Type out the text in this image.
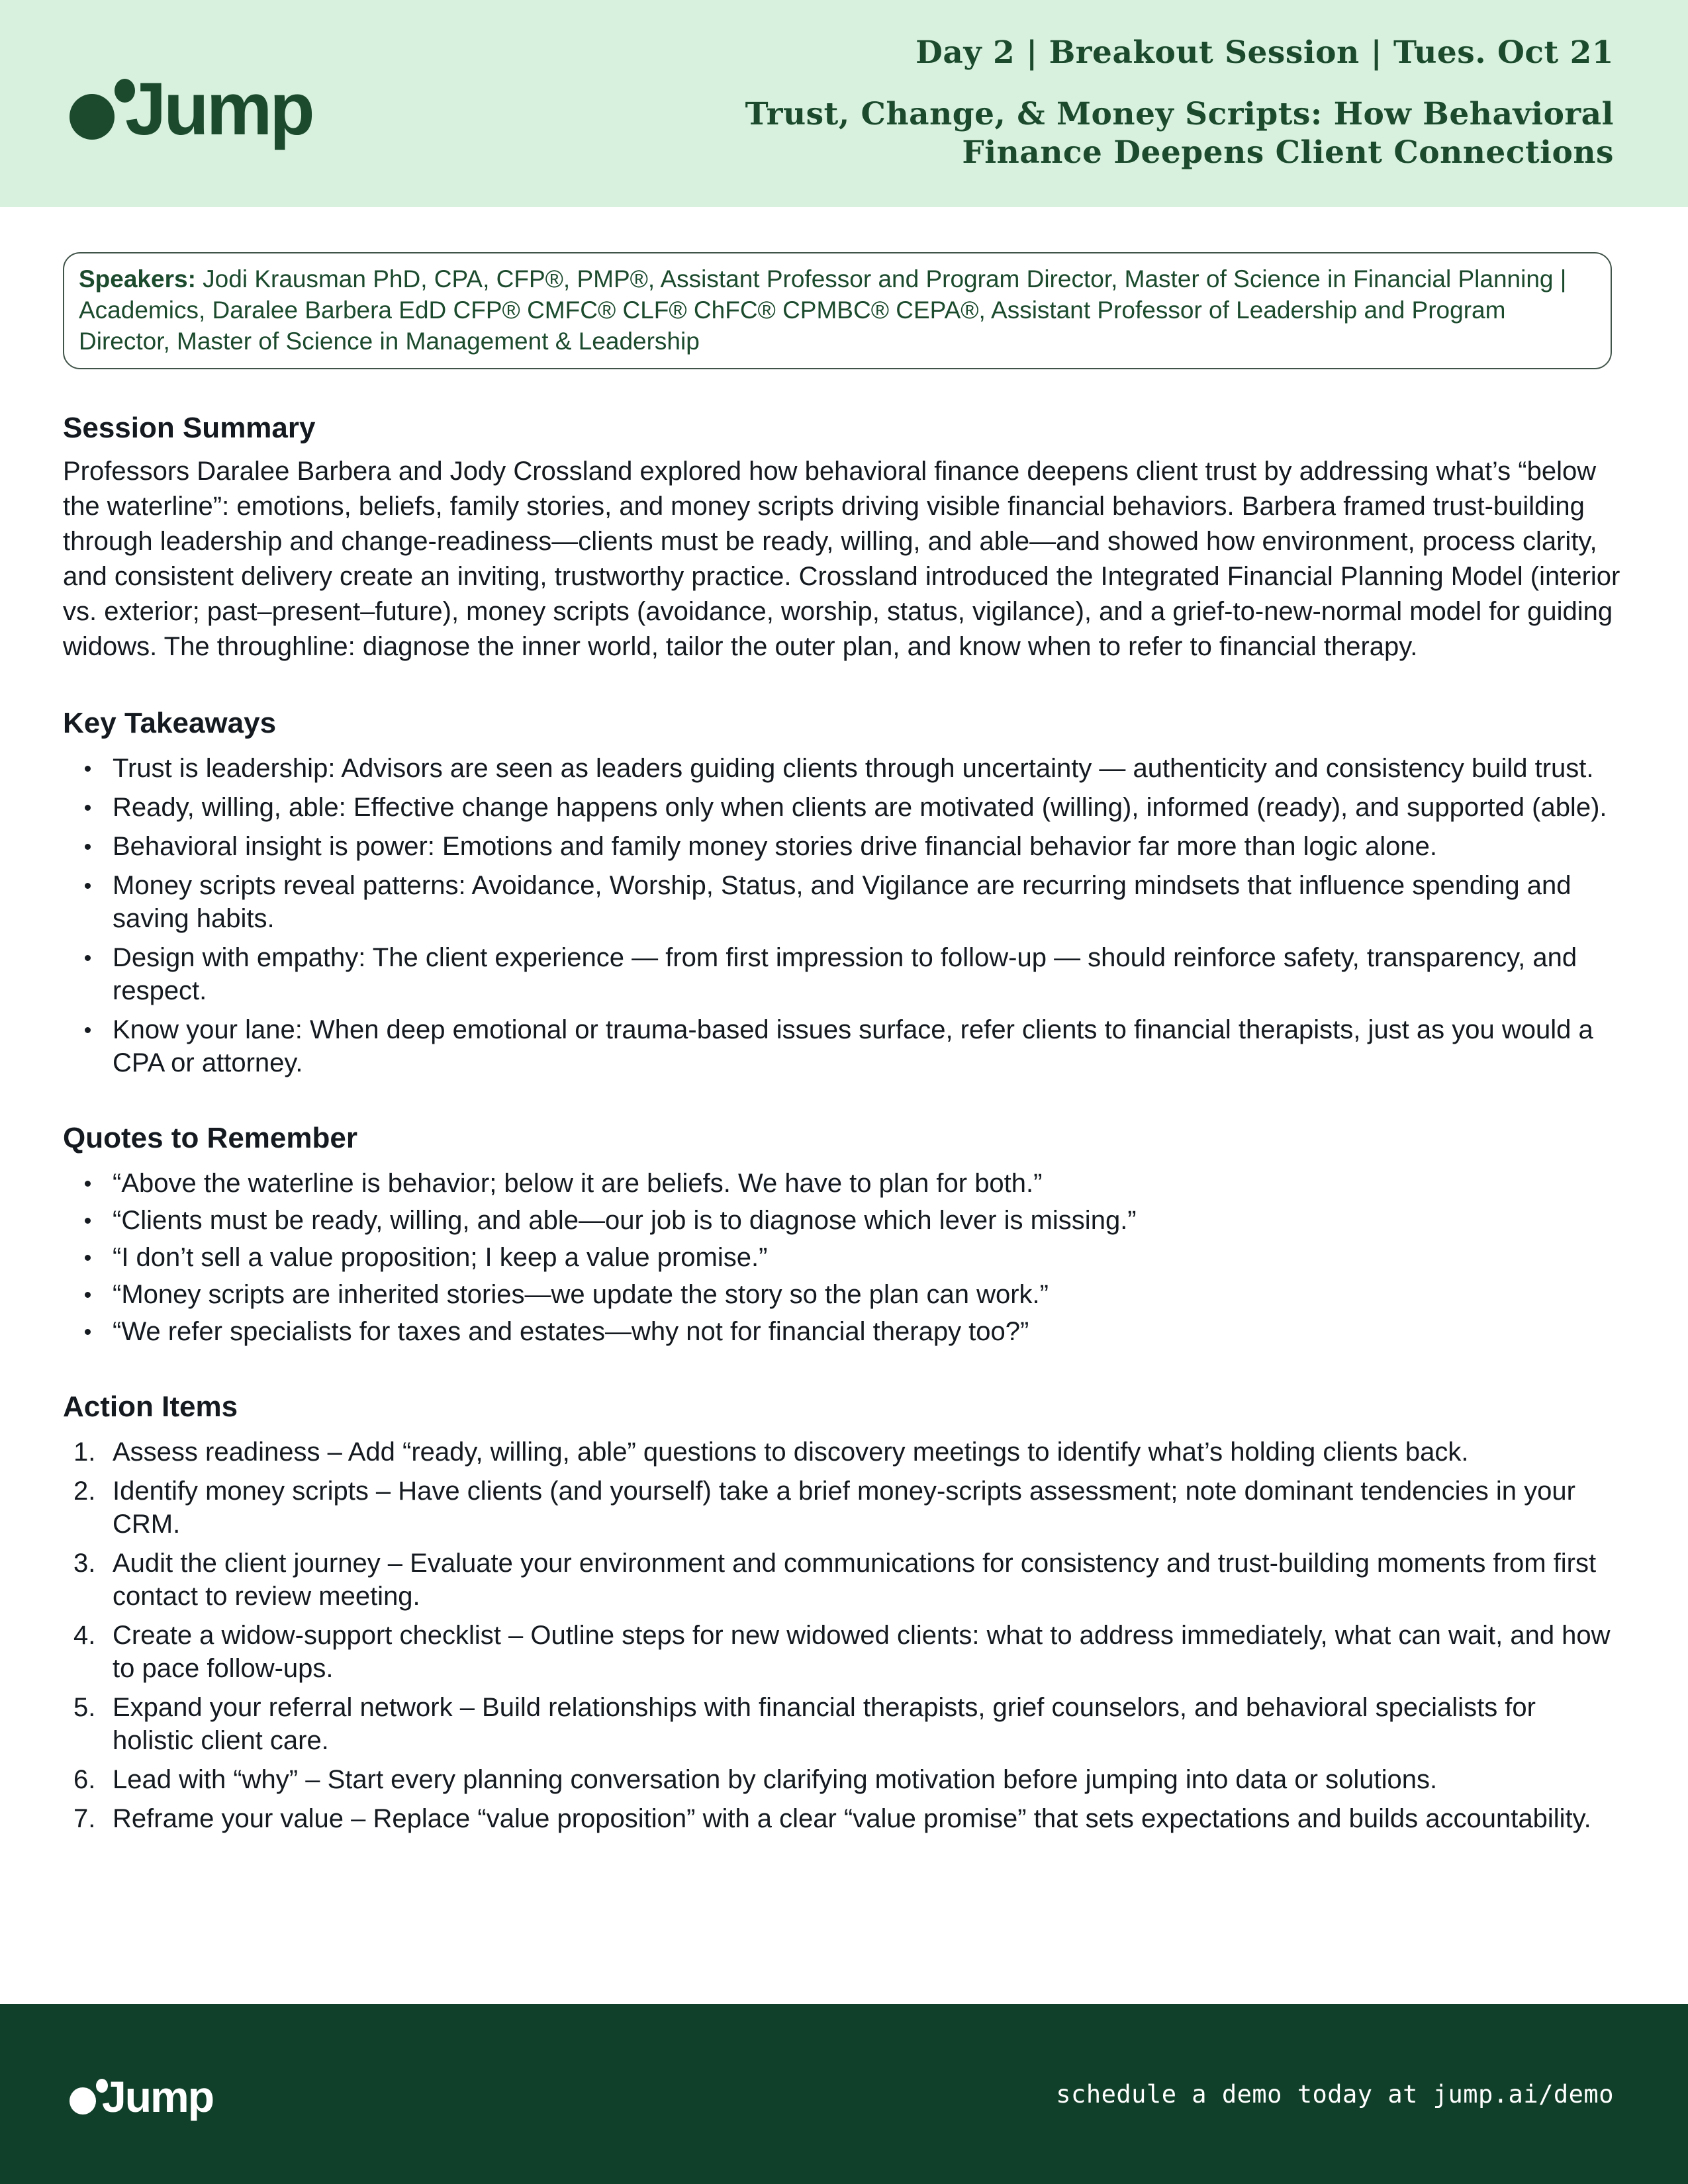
Jump
Day 2 | Breakout Session | Tues. Oct 21
Trust, Change, & Money Scripts: How Behavioral
Finance Deepens Client Connections
Speakers: Jodi Krausman PhD, CPA, CFP®, PMP®, Assistant Professor and Program Director, Master of Science in Financial Planning | Academics, Daralee Barbera EdD CFP® CMFC® CLF® ChFC® CPMBC® CEPA®, Assistant Professor of Leadership and Program Director, Master of Science in Management & Leadership
Session Summary

Professors Daralee Barbera and Jody Crossland explored how behavioral finance deepens client trust by addressing what’s “below the waterline”: emotions, beliefs, family stories, and money scripts driving visible financial behaviors. Barbera framed trust-building through leadership and change-readiness—clients must be ready, willing, and able—and showed how environment, process clarity, and consistent delivery create an inviting, trustworthy practice. Crossland introduced the Integrated Financial Planning Model (interior vs. exterior; past–present–future), money scripts (avoidance, worship, status, vigilance), and a grief-to-new-normal model for guiding widows. The throughline: diagnose the inner world, tailor the outer plan, and know when to refer to financial therapy.

Key Takeaways
Trust is leadership: Advisors are seen as leaders guiding clients through uncertainty — authenticity and consistency build trust.
Ready, willing, able: Effective change happens only when clients are motivated (willing), informed (ready), and supported (able).
Behavioral insight is power: Emotions and family money stories drive financial behavior far more than logic alone.
Money scripts reveal patterns: Avoidance, Worship, Status, and Vigilance are recurring mindsets that influence spending and saving habits.
Design with empathy: The client experience — from first impression to follow-up — should reinforce safety, transparency, and respect.
Know your lane: When deep emotional or trauma-based issues surface, refer clients to financial therapists, just as you would a CPA or attorney.
Quotes to Remember
“Above the waterline is behavior; below it are beliefs. We have to plan for both.”
“Clients must be ready, willing, and able—our job is to diagnose which lever is missing.”
“I don’t sell a value proposition; I keep a value promise.”
“Money scripts are inherited stories—we update the story so the plan can work.”
“We refer specialists for taxes and estates—why not for financial therapy too?”
Action Items
Assess readiness – Add “ready, willing, able” questions to discovery meetings to identify what’s holding clients back.
Identify money scripts – Have clients (and yourself) take a brief money-scripts assessment; note dominant tendencies in your CRM.
Audit the client journey – Evaluate your environment and communications for consistency and trust-building moments from first contact to review meeting.
Create a widow-support checklist – Outline steps for new widowed clients: what to address immediately, what can wait, and how to pace follow-ups.
Expand your referral network – Build relationships with financial therapists, grief counselors, and behavioral specialists for holistic client care.
Lead with “why” – Start every planning conversation by clarifying motivation before jumping into data or solutions.
Reframe your value – Replace “value proposition” with a clear “value promise” that sets expectations and builds accountability.
Jump	schedule a demo today at jump.ai/demo
